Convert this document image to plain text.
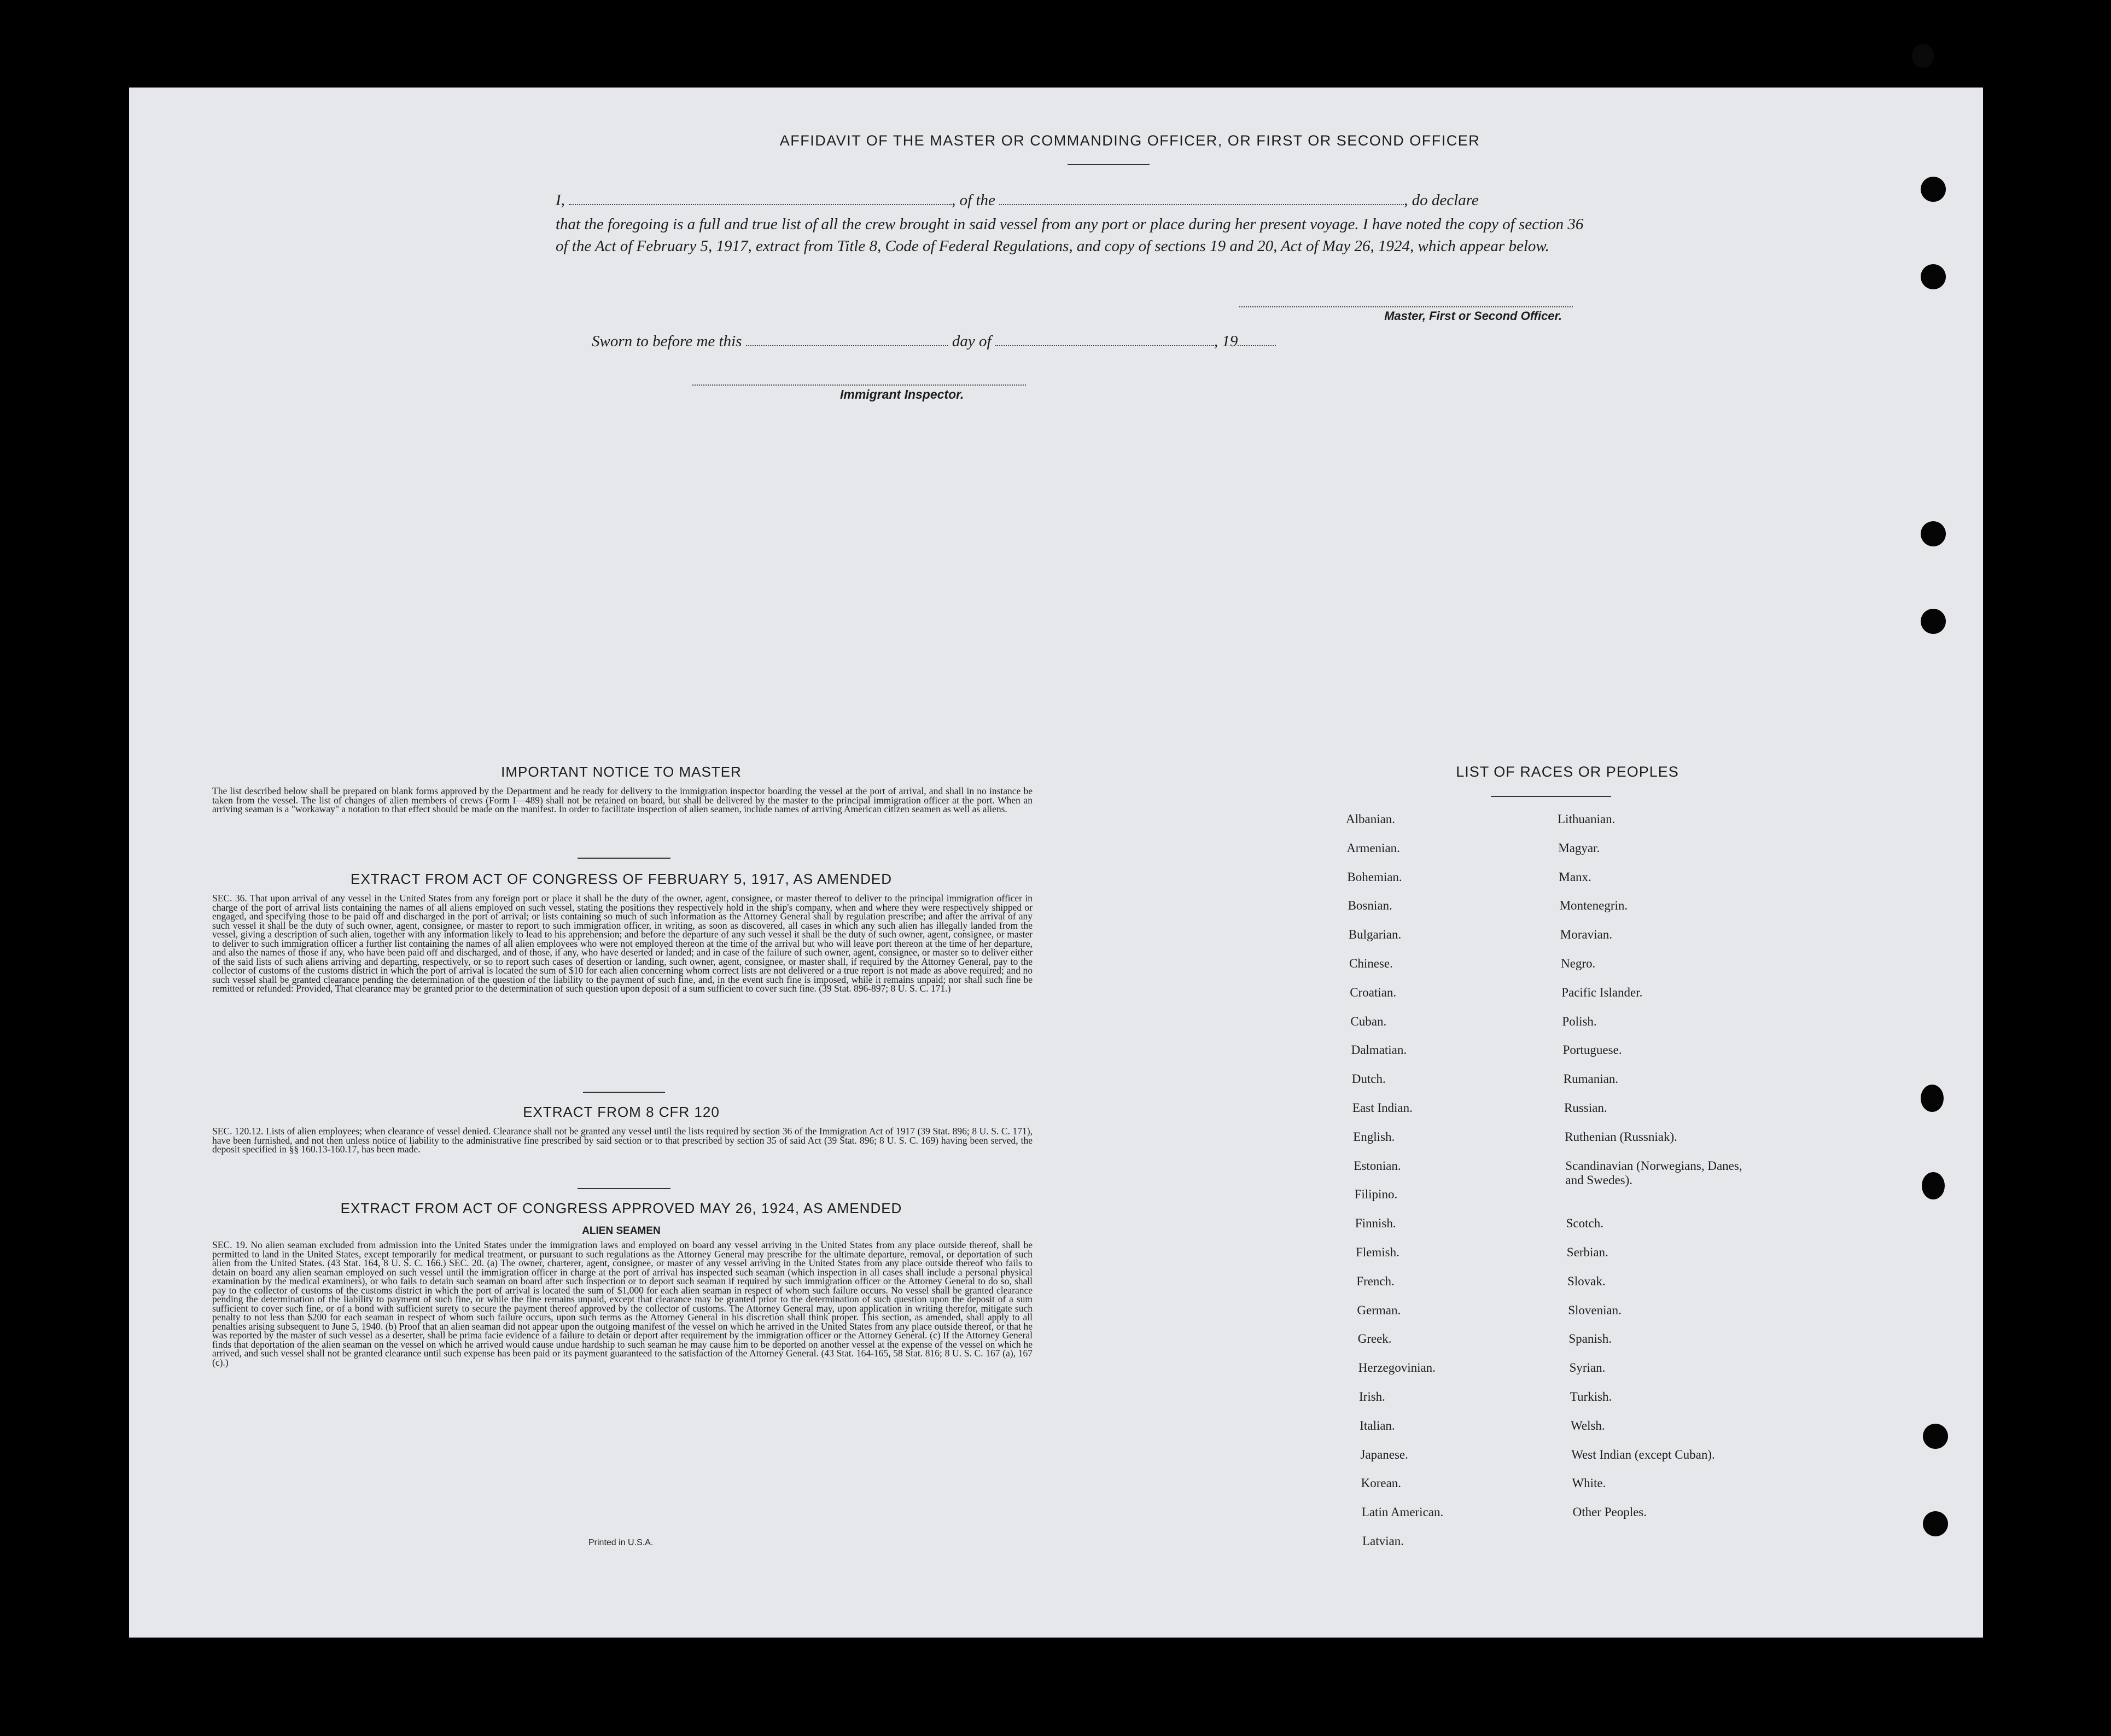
AFFIDAVIT OF THE MASTER OR COMMANDING OFFICER, OR FIRST OR SECOND OFFICER
I,	, of the	, do declare
that the foregoing is a full and true list of all the crew brought in said vessel from any port or place during her present voyage. I have noted the copy of section 36 of the Act of February 5, 1917, extract from Title 8, Code of Federal Regulations, and copy of sections 19 and 20, Act of May 26, 1924, which appear below.
Master, First or Second Officer.
Sworn to before me this	day of	, 19
Immigrant Inspector.
IMPORTANT NOTICE TO MASTER
The list described below shall be prepared on blank forms approved by the Department and be ready for delivery to the immigration inspector boarding the vessel at the port of arrival, and shall in no instance be taken from the vessel. The list of changes of alien members of crews (Form I—489) shall not be retained on board, but shall be delivered by the master to the principal immigration officer at the port. When an arriving seaman is a "workaway" a notation to that effect should be made on the manifest. In order to facilitate inspection of alien seamen, include names of arriving American citizen seamen as well as aliens.
EXTRACT FROM ACT OF CONGRESS OF FEBRUARY 5, 1917, AS AMENDED
SEC. 36. That upon arrival of any vessel in the United States from any foreign port or place it shall be the duty of the owner, agent, consignee, or master thereof to deliver to the principal immigration officer in charge of the port of arrival lists containing the names of all aliens employed on such vessel, stating the positions they respectively hold in the ship's company, when and where they were respectively shipped or engaged, and specifying those to be paid off and discharged in the port of arrival; or lists containing so much of such information as the Attorney General shall by regulation prescribe; and after the arrival of any such vessel it shall be the duty of such owner, agent, consignee, or master to report to such immigration officer, in writing, as soon as discovered, all cases in which any such alien has illegally landed from the vessel, giving a description of such alien, together with any information likely to lead to his apprehension; and before the departure of any such vessel it shall be the duty of such owner, agent, consignee, or master to deliver to such immigration officer a further list containing the names of all alien employees who were not employed thereon at the time of the arrival but who will leave port thereon at the time of her departure, and also the names of those if any, who have been paid off and discharged, and of those, if any, who have deserted or landed; and in case of the failure of such owner, agent, consignee, or master so to deliver either of the said lists of such aliens arriving and departing, respectively, or so to report such cases of desertion or landing, such owner, agent, consignee, or master shall, if required by the Attorney General, pay to the collector of customs of the customs district in which the port of arrival is located the sum of $10 for each alien concerning whom correct lists are not delivered or a true report is not made as above required; and no such vessel shall be granted clearance pending the determination of the question of the liability to the payment of such fine, and, in the event such fine is imposed, while it remains unpaid; nor shall such fine be remitted or refunded: Provided, That clearance may be granted prior to the determination of such question upon deposit of a sum sufficient to cover such fine. (39 Stat. 896-897; 8 U. S. C. 171.)
EXTRACT FROM 8 CFR 120
SEC. 120.12. Lists of alien employees; when clearance of vessel denied. Clearance shall not be granted any vessel until the lists required by section 36 of the Immigration Act of 1917 (39 Stat. 896; 8 U. S. C. 171), have been furnished, and not then unless notice of liability to the administrative fine prescribed by said section or to that prescribed by section 35 of said Act (39 Stat. 896; 8 U. S. C. 169) having been served, the deposit specified in §§ 160.13-160.17, has been made.
EXTRACT FROM ACT OF CONGRESS APPROVED MAY 26, 1924, AS AMENDED
ALIEN SEAMEN
SEC. 19. No alien seaman excluded from admission into the United States under the immigration laws and employed on board any vessel arriving in the United States from any place outside thereof, shall be permitted to land in the United States, except temporarily for medical treatment, or pursuant to such regulations as the Attorney General may prescribe for the ultimate departure, removal, or deportation of such alien from the United States. (43 Stat. 164, 8 U. S. C. 166.) SEC. 20. (a) The owner, charterer, agent, consignee, or master of any vessel arriving in the United States from any place outside thereof who fails to detain on board any alien seaman employed on such vessel until the immigration officer in charge at the port of arrival has inspected such seaman (which inspection in all cases shall include a personal physical examination by the medical examiners), or who fails to detain such seaman on board after such inspection or to deport such seaman if required by such immigration officer or the Attorney General to do so, shall pay to the collector of customs of the customs district in which the port of arrival is located the sum of $1,000 for each alien seaman in respect of whom such failure occurs. No vessel shall be granted clearance pending the determination of the liability to payment of such fine, or while the fine remains unpaid, except that clearance may be granted prior to the determination of such question upon the deposit of a sum sufficient to cover such fine, or of a bond with sufficient surety to secure the payment thereof approved by the collector of customs. The Attorney General may, upon application in writing therefor, mitigate such penalty to not less than $200 for each seaman in respect of whom such failure occurs, upon such terms as the Attorney General in his discretion shall think proper. This section, as amended, shall apply to all penalties arising subsequent to June 5, 1940. (b) Proof that an alien seaman did not appear upon the outgoing manifest of the vessel on which he arrived in the United States from any place outside thereof, or that he was reported by the master of such vessel as a deserter, shall be prima facie evidence of a failure to detain or deport after requirement by the immigration officer or the Attorney General. (c) If the Attorney General finds that deportation of the alien seaman on the vessel on which he arrived would cause undue hardship to such seaman he may cause him to be deported on another vessel at the expense of the vessel on which he arrived, and such vessel shall not be granted clearance until such expense has been paid or its payment guaranteed to the satisfaction of the Attorney General. (43 Stat. 164-165, 58 Stat. 816; 8 U. S. C. 167 (a), 167 (c).)
Printed in U.S.A.
LIST OF RACES OR PEOPLES
Albanian.
Armenian.
Bohemian.
Bosnian.
Bulgarian.
Chinese.
Croatian.
Cuban.
Dalmatian.
Dutch.
East Indian.
English.
Estonian.
Filipino.
Finnish.
Flemish.
French.
German.
Greek.
Herzegovinian.
Irish.
Italian.
Japanese.
Korean.
Latin American.
Latvian.
Lithuanian.
Magyar.
Manx.
Montenegrin.
Moravian.
Negro.
Pacific Islander.
Polish.
Portuguese.
Rumanian.
Russian.
Ruthenian (Russniak).
Scandinavian (Norwegians, Danes, and Swedes).
Scotch.
Serbian.
Slovak.
Slovenian.
Spanish.
Syrian.
Turkish.
Welsh.
West Indian (except Cuban).
White.
Other Peoples.
